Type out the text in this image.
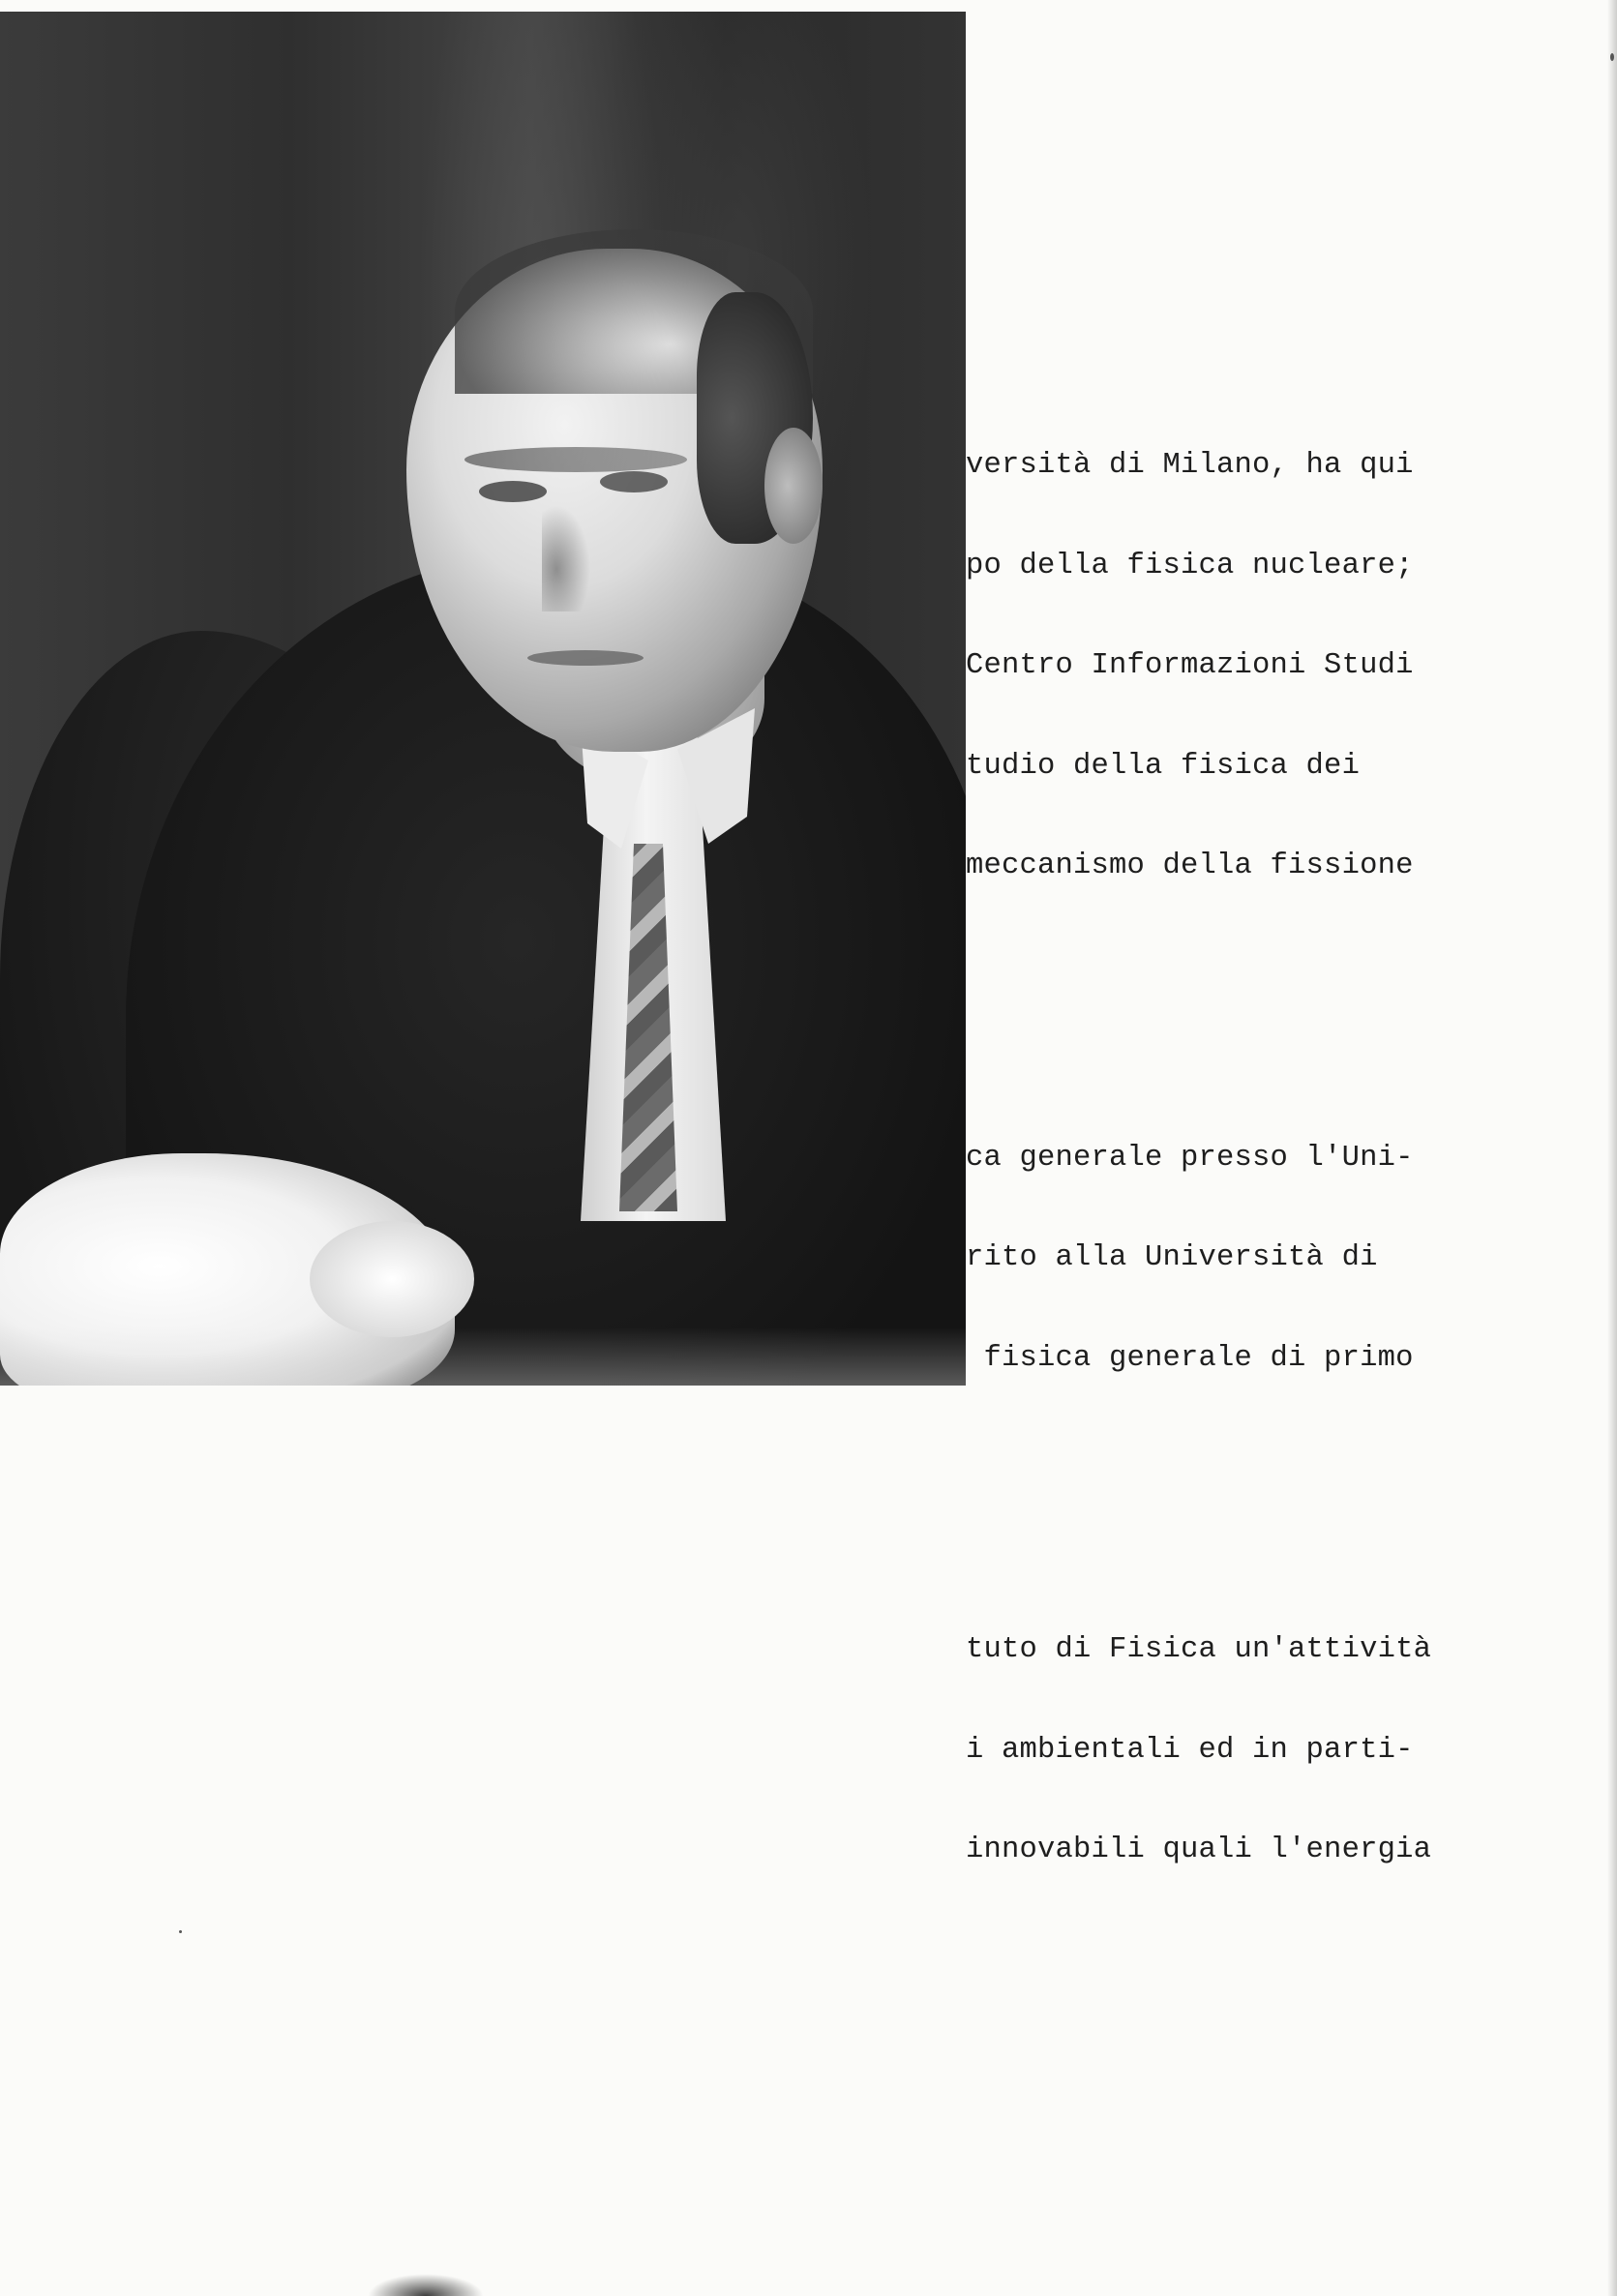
versità di Milano, ha qui

po della fisica nucleare;

Centro Informazioni Studi

tudio della fisica dei

meccanismo della fissione

ca generale presso l'Uni-

rito alla Università di

fisica generale di primo

tuto di Fisica un'attività

i ambientali ed in parti-

innovabili quali l'energia
